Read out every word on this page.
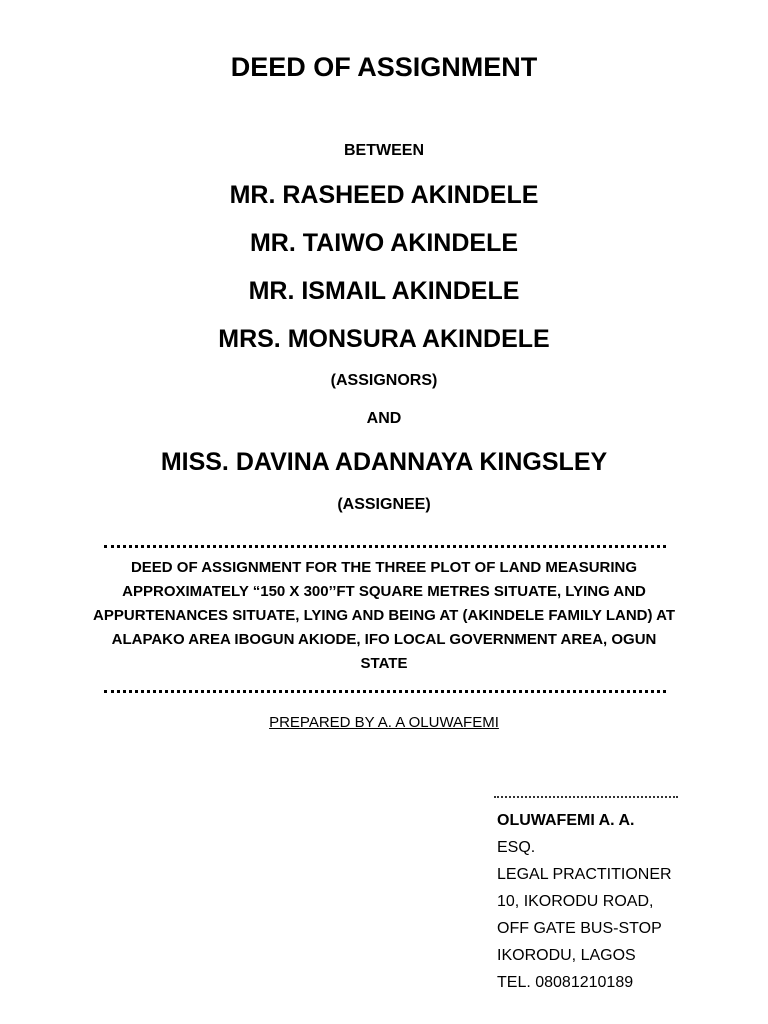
DEED OF ASSIGNMENT
BETWEEN
MR. RASHEED AKINDELE
MR. TAIWO AKINDELE
MR. ISMAIL AKINDELE
MRS. MONSURA AKINDELE
(ASSIGNORS)
AND
MISS. DAVINA ADANNAYA KINGSLEY
(ASSIGNEE)
DEED OF ASSIGNMENT FOR THE THREE PLOT OF LAND MEASURING APPROXIMATELY “150 X 300’’FT SQUARE METRES SITUATE, LYING AND APPURTENANCES SITUATE, LYING AND BEING AT (AKINDELE FAMILY LAND) AT ALAPAKO AREA IBOGUN AKIODE, IFO LOCAL GOVERNMENT AREA, OGUN STATE
PREPARED BY A. A OLUWAFEMI
OLUWAFEMI A. A.
ESQ.
LEGAL PRACTITIONER
10, IKORODU ROAD,
OFF GATE BUS-STOP
IKORODU, LAGOS
TEL. 08081210189
